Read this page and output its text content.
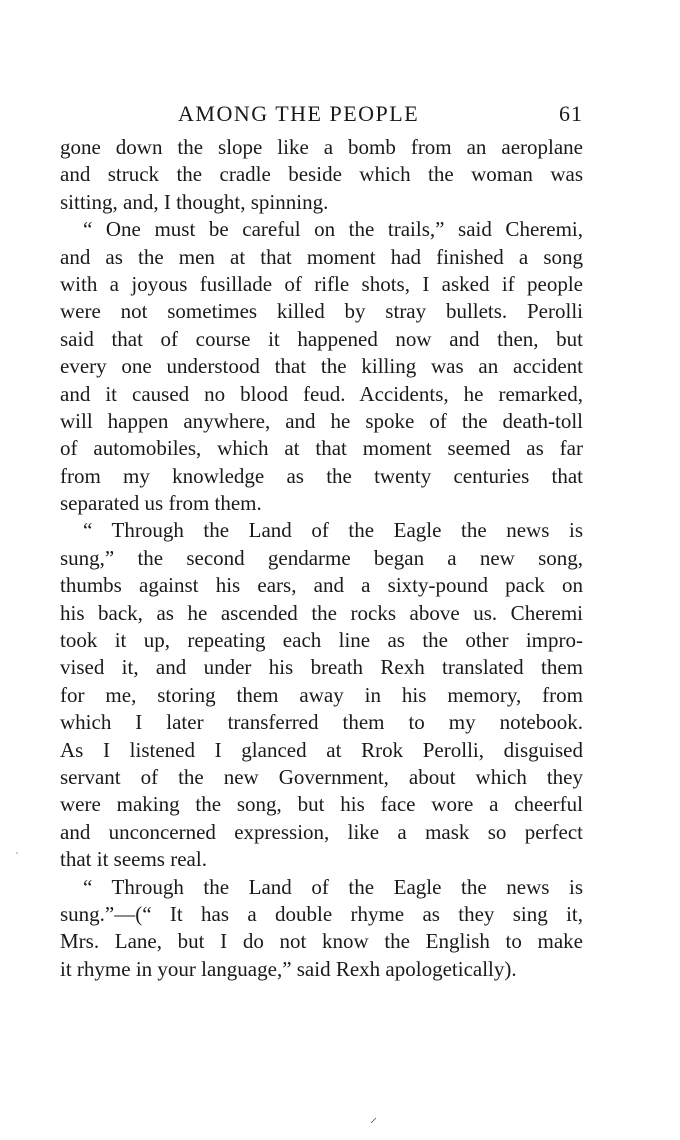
AMONG THE PEOPLE	61
gone down the slope like a bomb from an aeroplane
and struck the cradle beside which the woman was
sitting, and, I thought, spinning.
“ One must be careful on the trails,” said Cheremi,
and as the men at that moment had finished a song
with a joyous fusillade of rifle shots, I asked if people
were not sometimes killed by stray bullets. Perolli
said that of course it happened now and then, but
every one understood that the killing was an accident
and it caused no blood feud. Accidents, he remarked,
will happen anywhere, and he spoke of the death-toll
of automobiles, which at that moment seemed as far
from my knowledge as the twenty centuries that
separated us from them.
“ Through the Land of the Eagle the news is
sung,” the second gendarme began a new song,
thumbs against his ears, and a sixty-pound pack on
his back, as he ascended the rocks above us. Cheremi
took it up, repeating each line as the other impro-
vised it, and under his breath Rexh translated them
for me, storing them away in his memory, from
which I later transferred them to my notebook.
As I listened I glanced at Rrok Perolli, disguised
servant of the new Government, about which they
were making the song, but his face wore a cheerful
and unconcerned expression, like a mask so perfect
that it seems real.
“ Through the Land of the Eagle the news is
sung.”—(“ It has a double rhyme as they sing it,
Mrs. Lane, but I do not know the English to make
it rhyme in your language,” said Rexh apologetically).
⸝
